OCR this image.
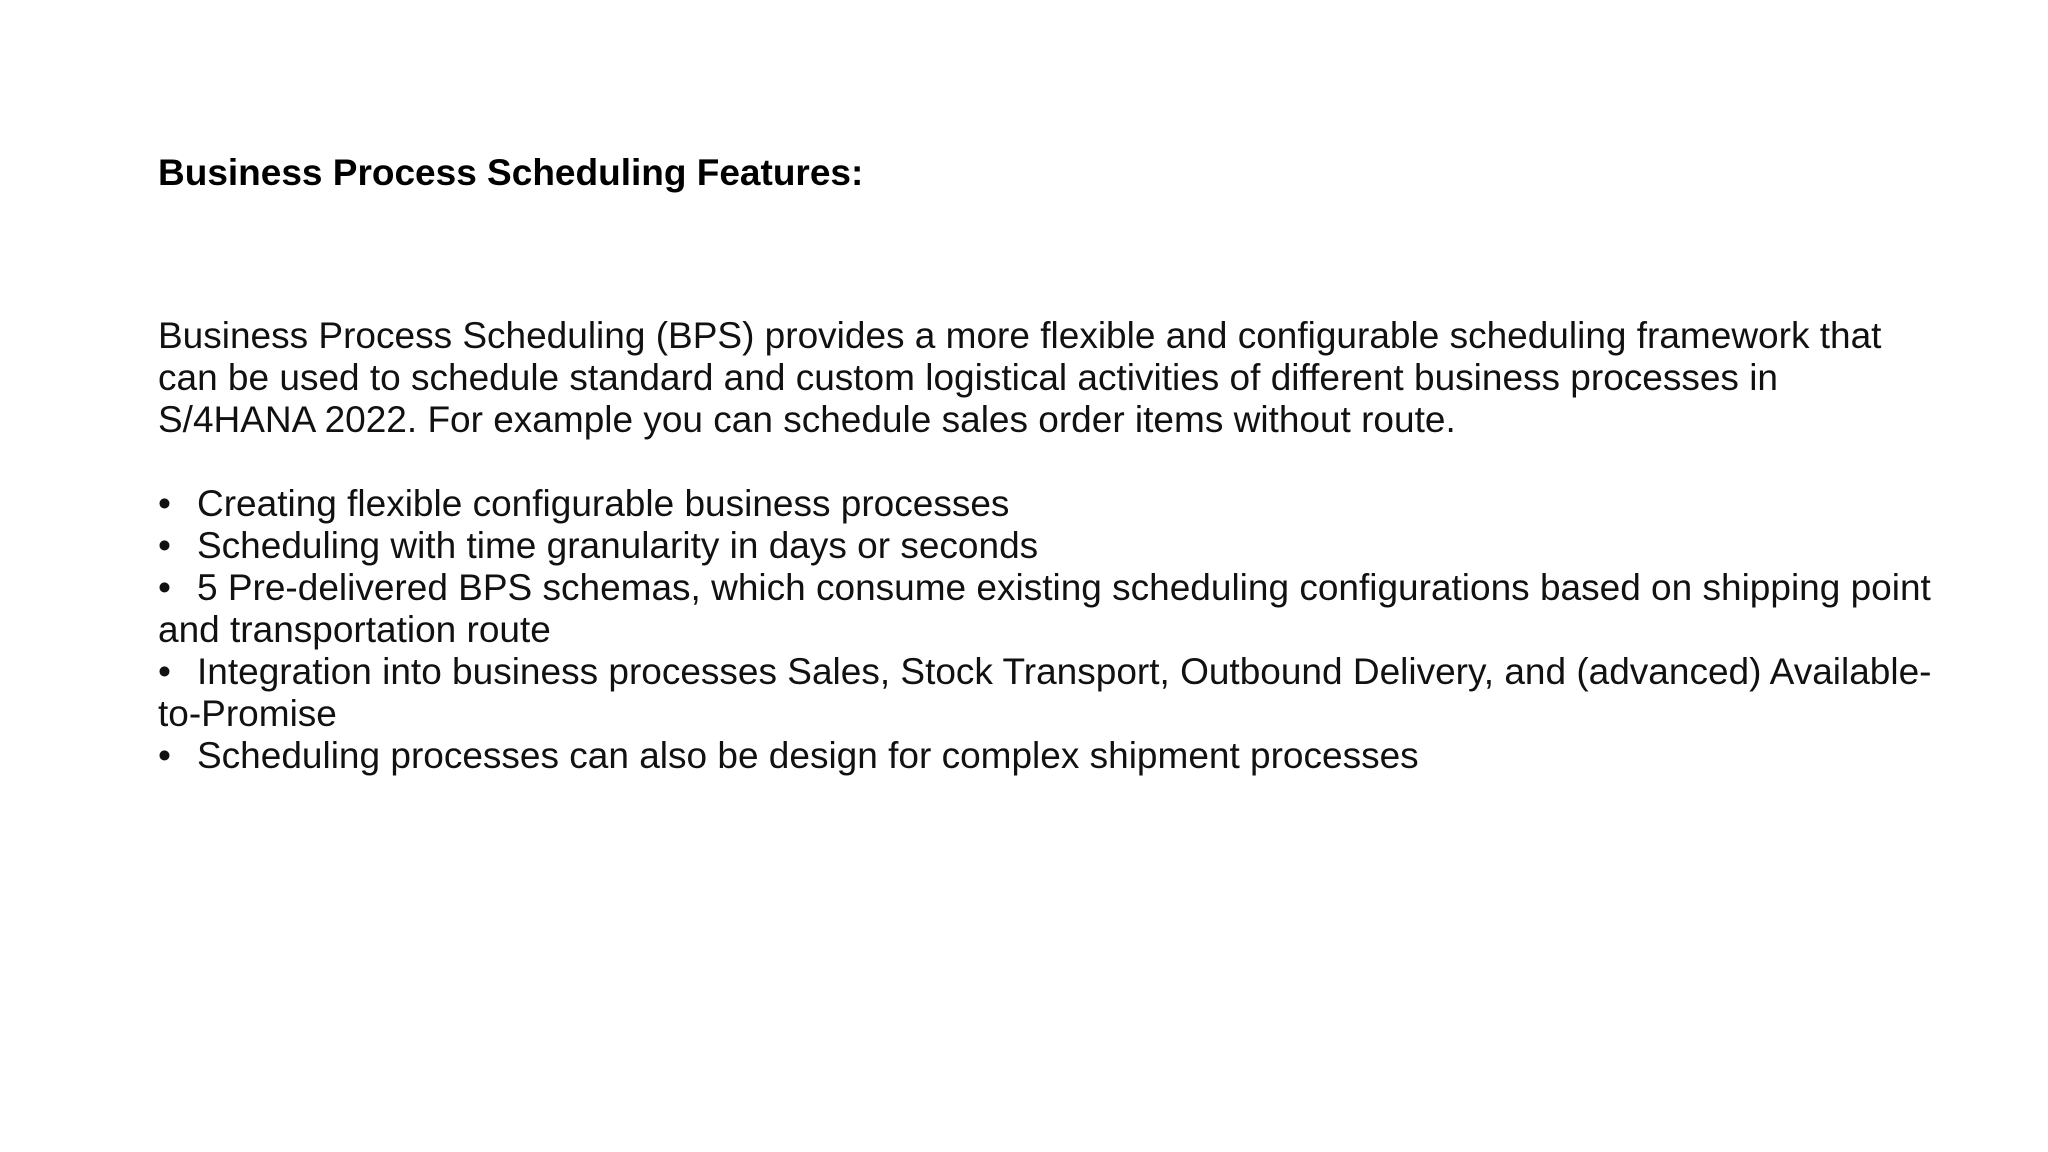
Business Process Scheduling Features:

Business Process Scheduling (BPS) provides a more flexible and configurable scheduling framework that can be used to schedule standard and custom logistical activities of different business processes in S/4HANA 2022. For example you can schedule sales order items without route.

• Creating flexible configurable business processes
• Scheduling with time granularity in days or seconds
• 5 Pre-delivered BPS schemas, which consume existing scheduling configurations based on shipping point and transportation route
• Integration into business processes Sales, Stock Transport, Outbound Delivery, and (advanced) Available-to-Promise
• Scheduling processes can also be design for complex shipment processes
